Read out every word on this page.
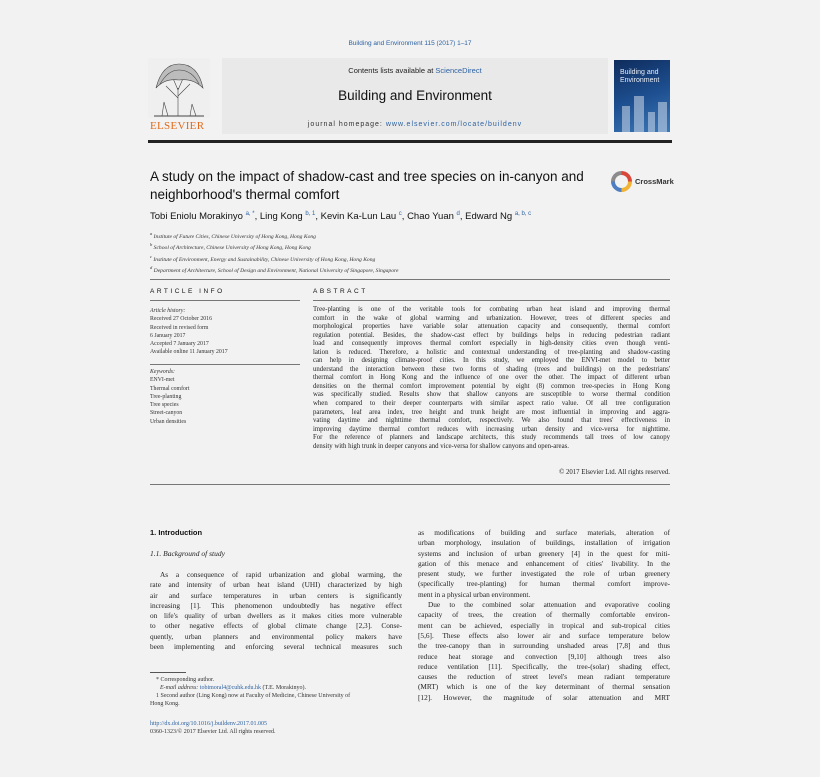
Building and Environment 115 (2017) 1–17
ELSEVIER
Contents lists available at ScienceDirect
Building and Environment
journal homepage: www.elsevier.com/locate/buildenv
Building and Environment
A study on the impact of shadow-cast and tree species on in-canyon and neighborhood's thermal comfort
CrossMark
Tobi Eniolu Morakinyo $^{a, *}$, Ling Kong $^{b, 1}$, Kevin Ka-Lun Lau $^c$, Chao Yuan $^d$, Edward Ng $^{a, b, c}$
$^a$ Institute of Future Cities, Chinese University of Hong Kong, Hong Kong
$^b$ School of Architecture, Chinese University of Hong Kong, Hong Kong
$^c$ Institute of Environment, Energy and Sustainability, Chinese University of Hong Kong, Hong Kong
$^d$ Department of Architecture, School of Design and Environment, National University of Singapore, Singapore
ARTICLE INFO
Article history:
Received 27 October 2016
Received in revised form
6 January 2017
Accepted 7 January 2017
Available online 11 January 2017
Keywords:
ENVI-met
Thermal comfort
Tree-planting
Tree species
Street-canyon
Urban densities
ABSTRACT
Tree-planting is one of the veritable tools for combating urban heat island and improving thermal
comfort in the wake of global warming and urbanization. However, trees of different species and
morphological properties have variable solar attenuation capacity and consequently, thermal comfort
regulation potential. Besides, the shadow-cast effect by buildings helps in reducing pedestrian radiant
load and consequently improves thermal comfort especially in high-density cities even though venti-
lation is reduced. Therefore, a holistic and contextual understanding of tree-planting and shadow-casting
can help in designing climate-proof cities. In this study, we employed the ENVI-met model to better
understand the interaction between these two forms of shading (trees and buildings) on the pedestrians'
thermal comfort in Hong Kong and the influence of one over the other. The impact of different urban
densities on the thermal comfort improvement potential by eight (8) common tree-species in Hong Kong
was specifically studied. Results show that shallow canyons are susceptible to worse thermal condition
when compared to their deeper counterparts with similar aspect ratio value. Of all tree configuration
parameters, leaf area index, tree height and trunk height are most influential in improving and aggra-
vating daytime and nighttime thermal comfort, respectively. We also found that trees' effectiveness in
improving daytime thermal comfort reduces with increasing urban density and vice-versa for nighttime.
For the reference of planners and landscape architects, this study recommends tall trees of low canopy
density with high trunk in deeper canyons and vice-versa for shallow canyons and open-areas.
© 2017 Elsevier Ltd. All rights reserved.
1. Introduction
1.1. Background of study
As a consequence of rapid urbanization and global warming, the
rate and intensity of urban heat island (UHI) characterized by high
air and surface temperatures in urban centers is significantly
increasing [1]. This phenomenon undoubtedly has negative effect
on life's quality of urban dwellers as it makes cities more vulnerable
to other negative effects of global climate change [2,3]. Conse-
quently, urban planners and environmental policy makers have
been implementing and enforcing several technical measures such
as modifications of building and surface materials, alteration of
urban morphology, insulation of buildings, installation of irrigation
systems and inclusion of urban greenery [4] in the quest for miti-
gation of this menace and enhancement of cities' livability. In the
present study, we further investigated the role of urban greenery
(specifically tree-planting) for human thermal comfort improve-
ment in a physical urban environment.
Due to the combined solar attenuation and evaporative cooling
capacity of trees, the creation of thermally comfortable environ-
ment can be achieved, especially in tropical and sub-tropical cities
[5,6]. These effects also lower air and surface temperature below
the tree-canopy than in surrounding unshaded areas [7,8] and thus
reduce heat storage and convection [9,10] although trees also
reduce ventilation [11]. Specifically, the tree-(solar) shading effect,
causes the reduction of street level's mean radiant temperature
(MRT) which is one of the key determinant of thermal sensation
[12]. However, the magnitude of solar attenuation and MRT
* Corresponding author.
E-mail address: tobimoral4@cuhk.edu.hk (T.E. Morakinyo).
1 Second author (Ling Kong) now at Faculty of Medicine, Chinese University of
Hong Kong.
http://dx.doi.org/10.1016/j.buildenv.2017.01.005
0360-1323/© 2017 Elsevier Ltd. All rights reserved.
